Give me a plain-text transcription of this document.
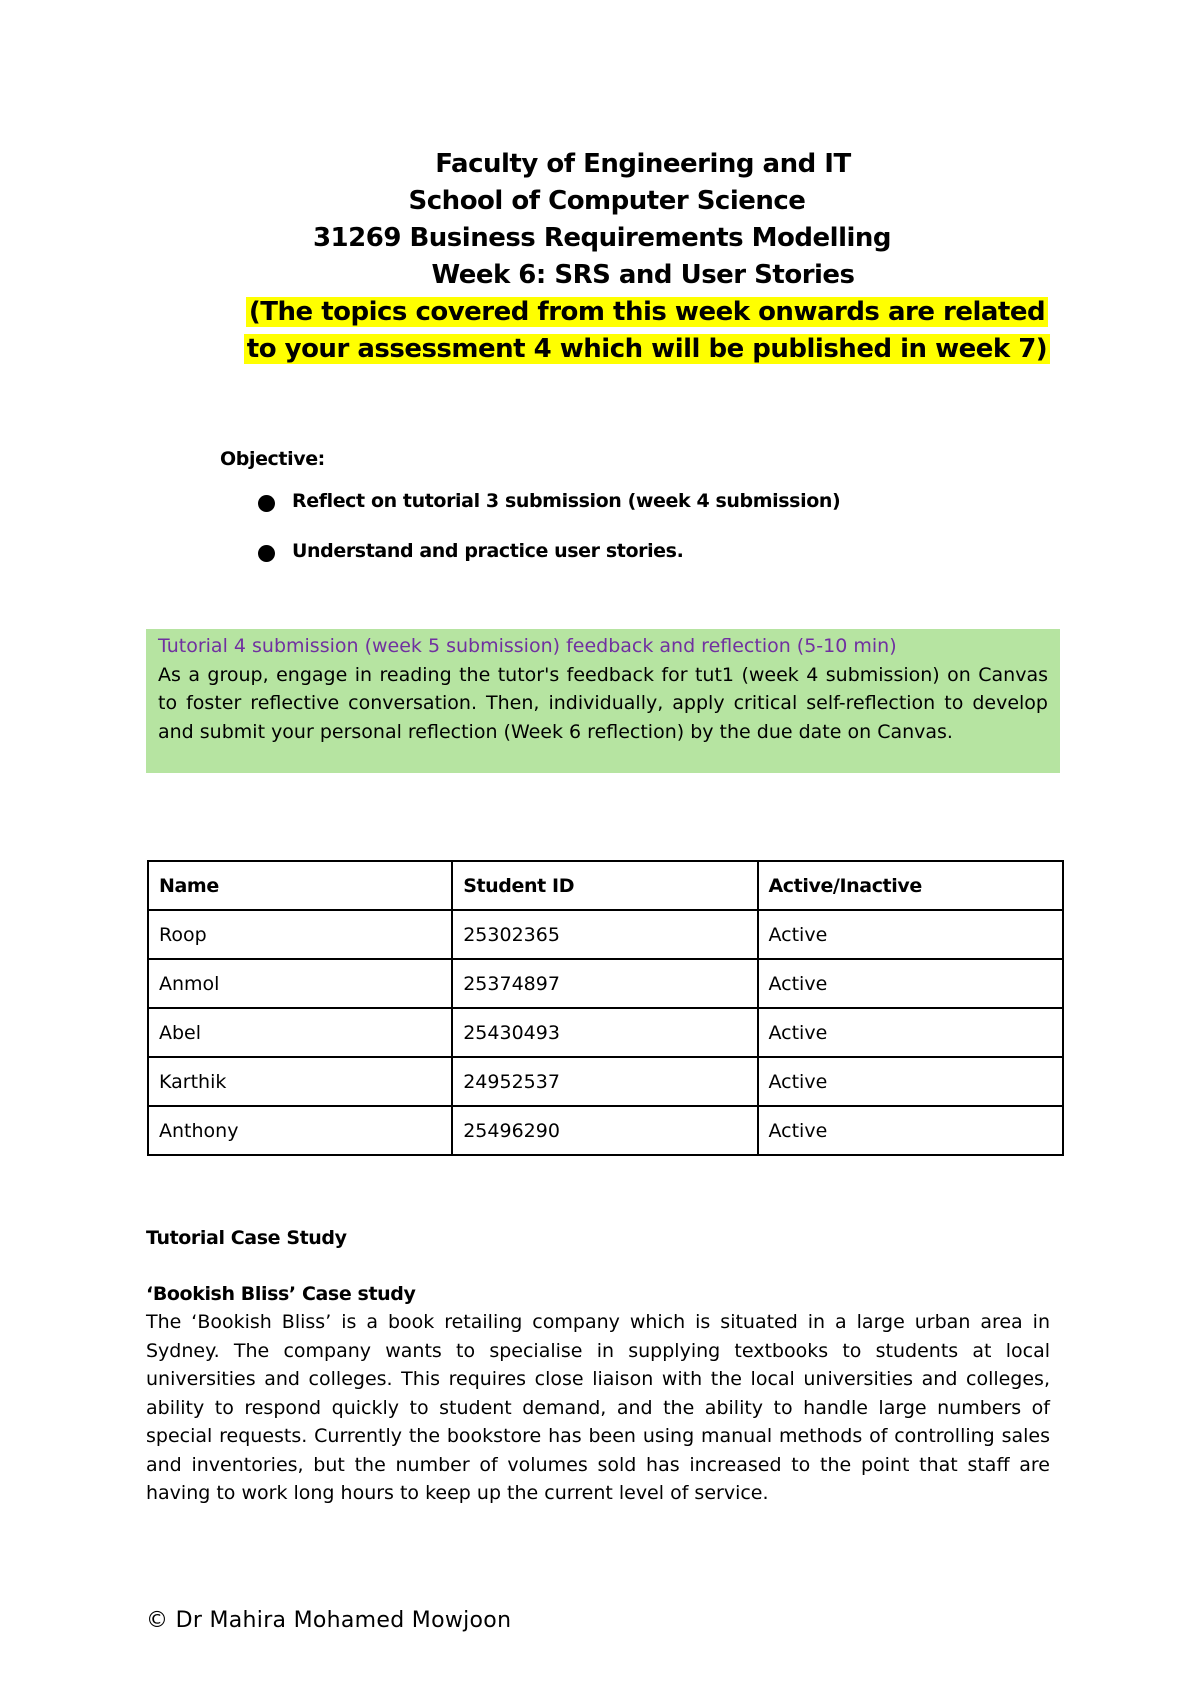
Faculty of Engineering and IT
School of Computer Science
31269 Business Requirements Modelling
Week 6: SRS and User Stories
(The topics covered from this week onwards are related
to your assessment 4 which will be published in week 7)
Objective:
Reflect on tutorial 3 submission (week 4 submission)
Understand and practice user stories.
Tutorial 4 submission (week 5 submission) feedback and reflection (5-10 min)
As a group, engage in reading the tutor's feedback for tut1 (week 4 submission) on Canvas to foster reflective conversation. Then, individually, apply critical self-reflection to develop and submit your personal reflection (Week 6 reflection) by the due date on Canvas.
Name	Student ID	Active/Inactive
Roop	25302365	Active
Anmol	25374897	Active
Abel	25430493	Active
Karthik	24952537	Active
Anthony	25496290	Active
Tutorial Case Study
‘Bookish Bliss’ Case study
The ‘Bookish Bliss’ is a book retailing company which is situated in a large urban area in Sydney. The company wants to specialise in supplying textbooks to students at local universities and colleges. This requires close liaison with the local universities and colleges, ability to respond quickly to student demand, and the ability to handle large numbers of special requests. Currently the bookstore has been using manual methods of controlling sales and inventories, but the number of volumes sold has increased to the point that staff are having to work long hours to keep up the current level of service.
© Dr Mahira Mohamed Mowjoon
